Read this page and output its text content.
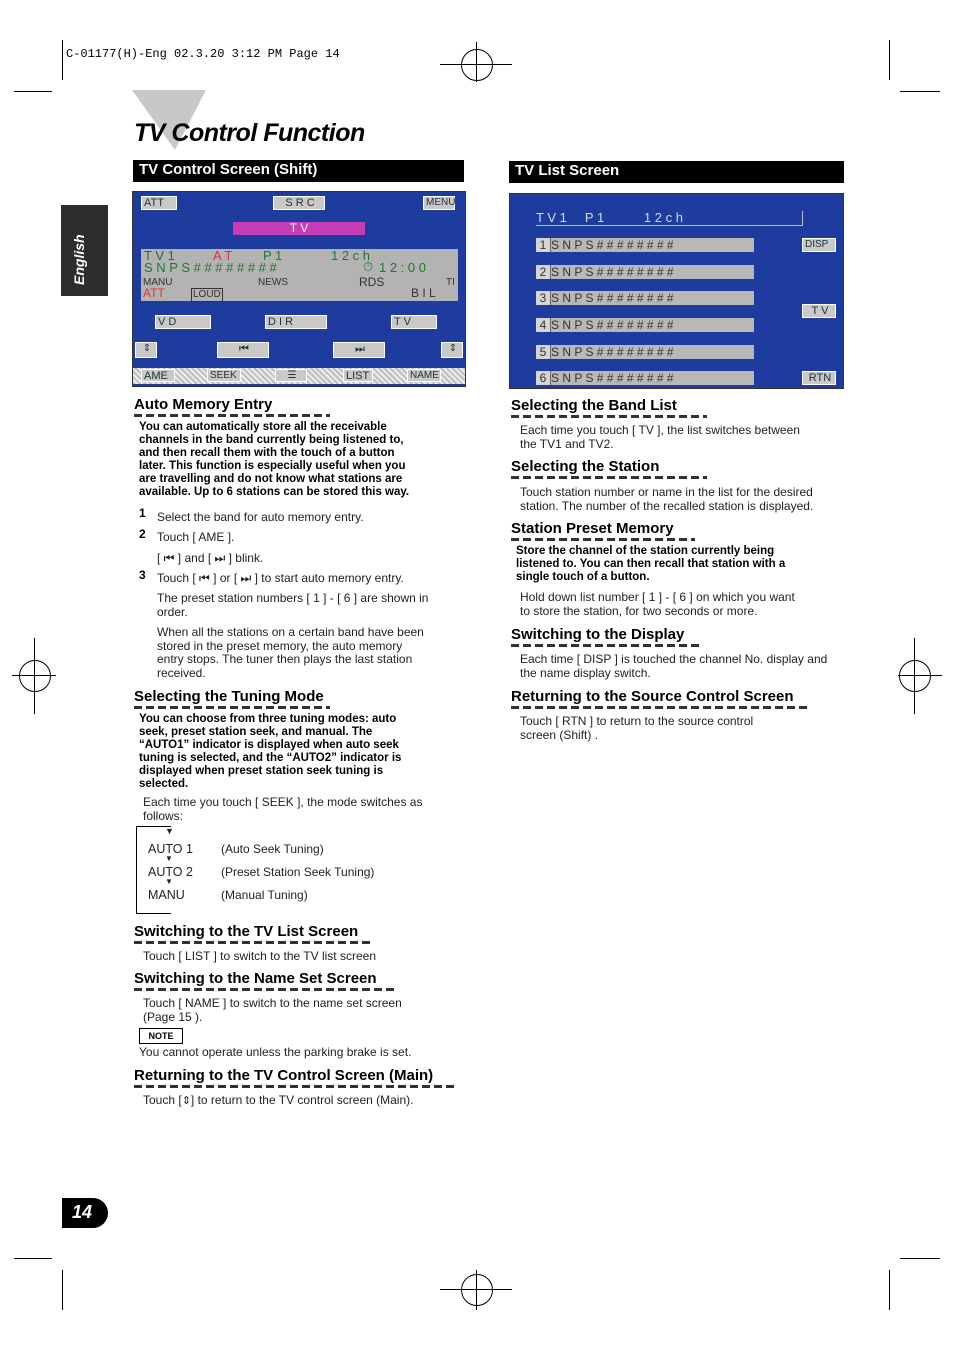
C-01177(H)-Eng 02.3.20 3:12 PM Page 14
TV Control Function
English
TV Control Screen (Shift)
ATT	S R C	MENU
T V
T V 1	A T P 1	1 2 c h
S N P S # # # # # # # #	⏱ 1 2 : 0 0
MANU	NEWS	RDS	TI
ATT	LOUD	B I L
V D	D I R	T V
⇕	⏮	⏭	⇕
AME	SEEK	☰	LIST	NAME
Auto Memory Entry
You can automatically store all the receivable
channels in the band currently being listened to,
and then recall them with the touch of a button
later. This function is especially useful when you
are travelling and do not know what stations are
available. Up to 6 stations can be stored this way.
1 Select the band for auto memory entry.
2 Touch [ AME ].
[ ⏮ ] and [ ⏭ ] blink.
3 Touch [ ⏮ ] or [ ⏭ ] to start auto memory entry.
The preset station numbers [ 1 ] - [ 6 ] are shown in
order.
When all the stations on a certain band have been
stored in the preset memory, the auto memory
entry stops. The tuner then plays the last station
received.
Selecting the Tuning Mode
You can choose from three tuning modes: auto
seek, preset station seek, and manual. The
“AUTO1” indicator is displayed when auto seek
tuning is selected, and the “AUTO2” indicator is
displayed when preset station seek tuning is
selected.
Each time you touch [ SEEK ], the mode switches as
follows:
▼
▼
▼
AUTO 1 (Auto Seek Tuning)
AUTO 2 (Preset Station Seek Tuning)
MANU	(Manual Tuning)
Switching to the TV List Screen
Touch [ LIST ] to switch to the TV list screen
Switching to the Name Set Screen
Touch [ NAME ] to switch to the name set screen
(Page 15 ).
NOTE
You cannot operate unless the parking brake is set.
Returning to the TV Control Screen (Main)
Touch [⇕] to return to the TV control screen (Main).
14
TV List Screen
T V 1     P 1           1 2 c h
1 S N P S # # # # # # # #
2 S N P S # # # # # # # #
3 S N P S # # # # # # # #
4 S N P S # # # # # # # #
5 S N P S # # # # # # # #
6 S N P S # # # # # # # #
DISP
T V
RTN
Selecting the Band List
Each time you touch [ TV ], the list switches between
the TV1 and TV2.
Selecting the Station
Touch station number or name in the list for the desired
station. The number of the recalled station is displayed.
Station Preset Memory
Store the channel of the station currently being
listened to. You can then recall that station with a
single touch of a button.
Hold down list number [ 1 ] - [ 6 ] on which you want
to store the station, for two seconds or more.
Switching to the Display
Each time [ DISP ] is touched the channel No. display and
the name display switch.
Returning to the Source Control Screen
Touch [ RTN ] to return to the source control
screen (Shift) .
